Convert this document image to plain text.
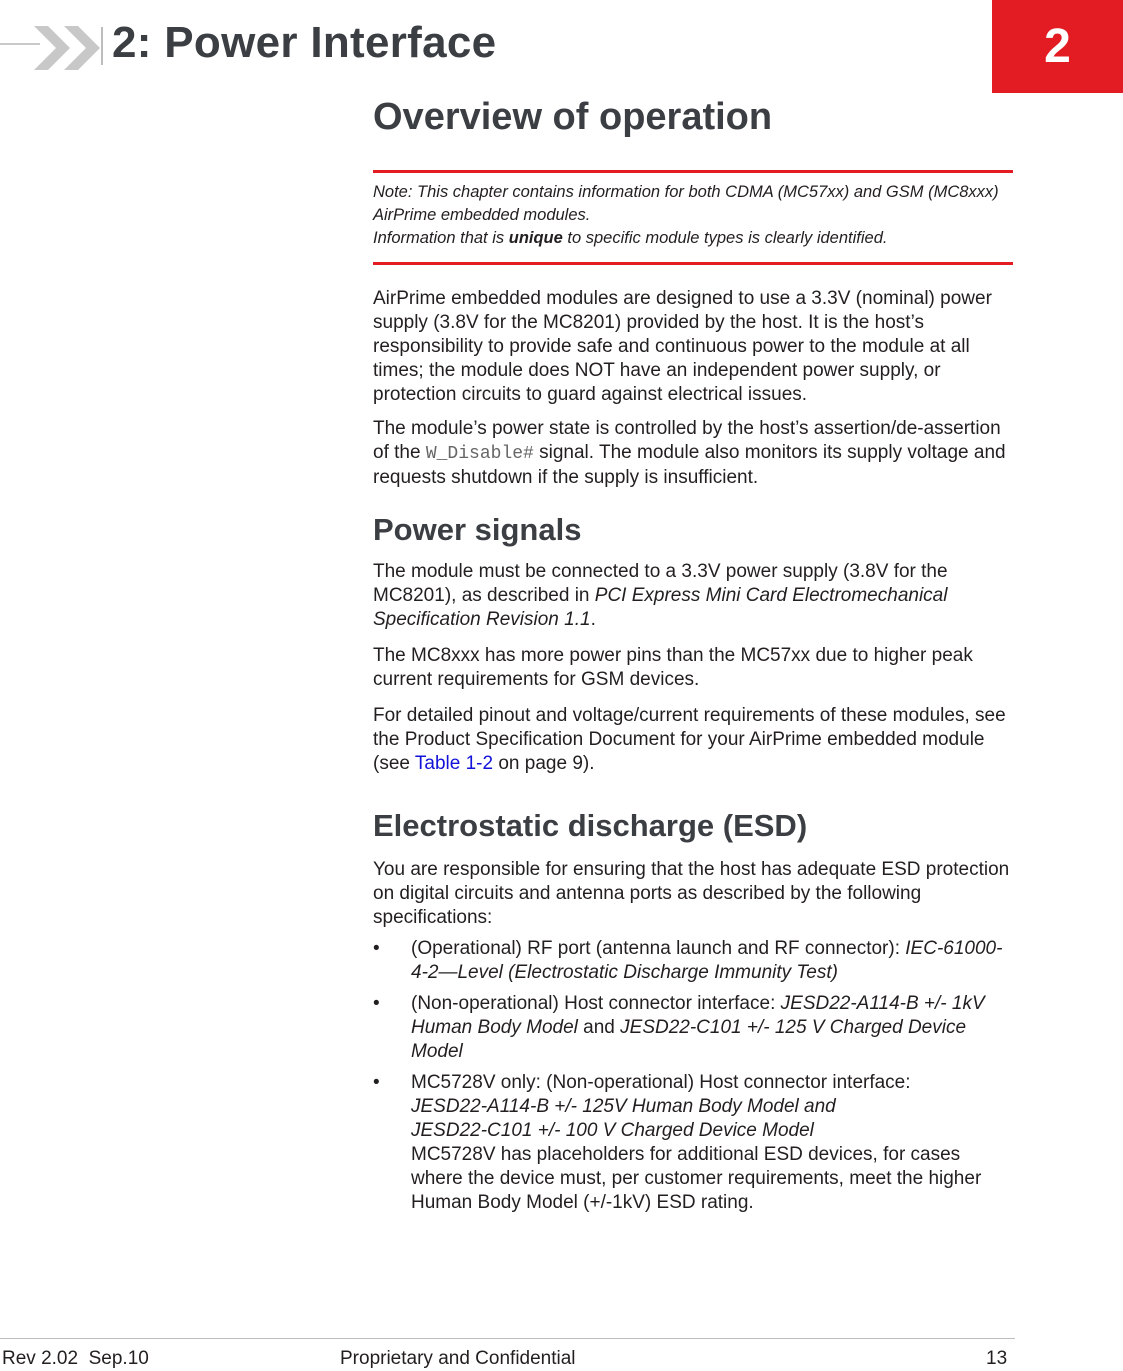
2: Power Interface	2
Overview of operation
Note: This chapter contains information for both CDMA (MC57xx) and GSM (MC8xxx) AirPrime embedded modules.
Information that is unique to specific module types is clearly identified.

AirPrime embedded modules are designed to use a 3.3V (nominal) power supply (3.8V for the MC8201) provided by the host. It is the host’s responsibility to provide safe and continuous power to the module at all times; the module does NOT have an independent power supply, or protection circuits to guard against electrical issues.

The module’s power state is controlled by the host’s assertion/de-assertion of the W_Disable# signal. The module also monitors its supply voltage and requests shutdown if the supply is insufficient.

Power signals

The module must be connected to a 3.3V power supply (3.8V for the MC8201), as described in PCI Express Mini Card Electromechanical Specification Revision 1.1.

The MC8xxx has more power pins than the MC57xx due to higher peak current requirements for GSM devices.

For detailed pinout and voltage/current requirements of these modules, see the Product Specification Document for your AirPrime embedded module (see Table 1-2 on page 9).

Electrostatic discharge (ESD)

You are responsible for ensuring that the host has adequate ESD protection on digital circuits and antenna ports as described by the following specifications:

• (Operational) RF port (antenna launch and RF connector): IEC-61000-4-2—Level (Electrostatic Discharge Immunity Test)
• (Non-operational) Host connector interface: JESD22-A114-B +/- 1kV Human Body Model and JESD22-C101 +/- 125 V Charged Device Model
• MC5728V only: (Non-operational) Host connector interface:
JESD22-A114-B +/- 125V Human Body Model and
JESD22-C101 +/- 100 V Charged Device Model
MC5728V has placeholders for additional ESD devices, for cases where the device must, per customer requirements, meet the higher Human Body Model (+/-1kV) ESD rating.
Rev 2.02  Sep.10	Proprietary and Confidential	13
